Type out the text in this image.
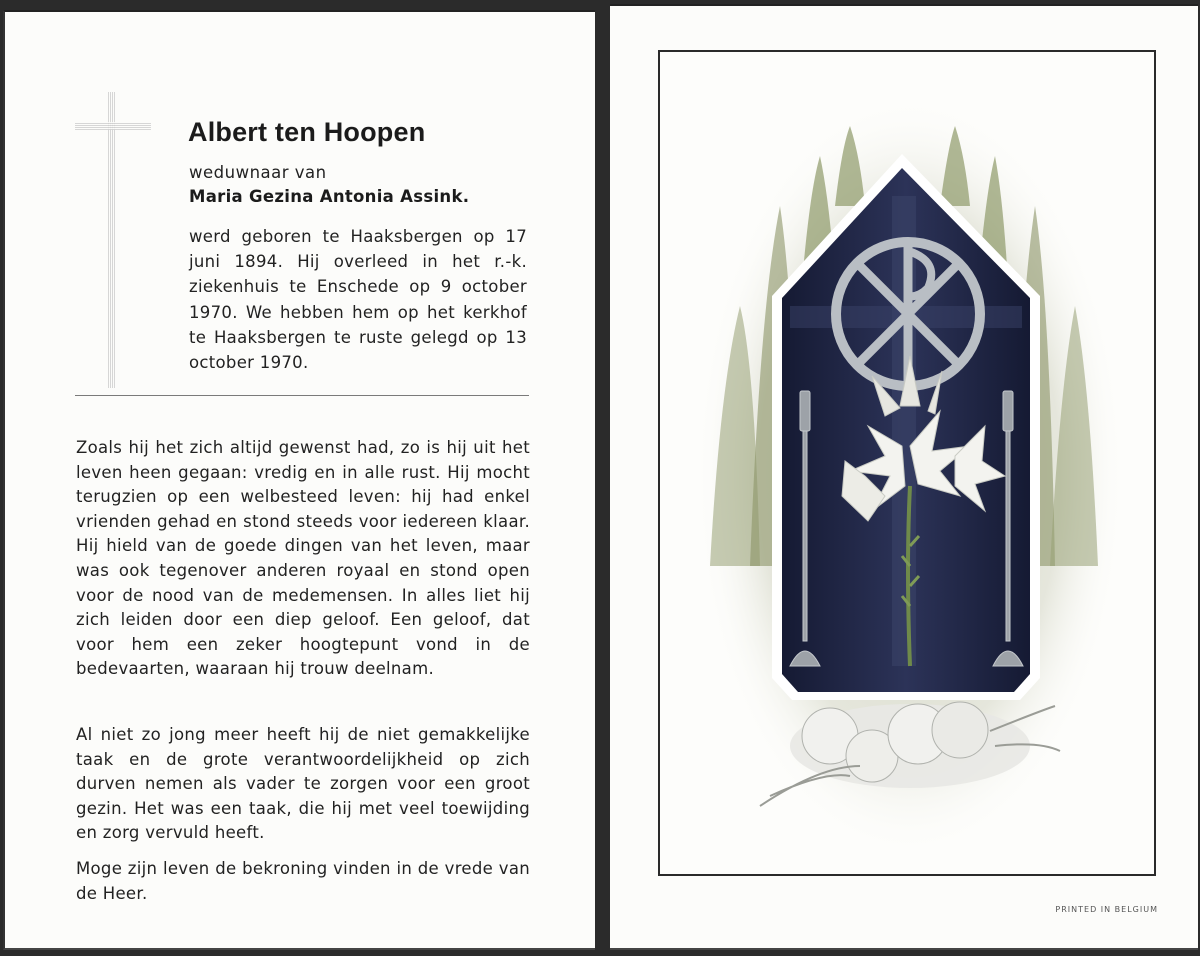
Albert ten Hoopen
weduwnaar van
Maria Gezina Antonia Assink.

werd geboren te Haaksbergen op 17 juni 1894. Hij overleed in het r.-k. ziekenhuis te Enschede op 9 october 1970. We hebben hem op het kerkhof te Haaksbergen te ruste gelegd op 13 october 1970.

Zoals hij het zich altijd gewenst had, zo is hij uit het leven heen gegaan: vredig en in alle rust. Hij mocht terugzien op een welbesteed leven: hij had enkel vrienden gehad en stond steeds voor iedereen klaar. Hij hield van de goede dingen van het leven, maar was ook tegenover anderen royaal en stond open voor de nood van de medemensen. In alles liet hij zich leiden door een diep geloof. Een geloof, dat voor hem een zeker hoogtepunt vond in de bedevaarten, waaraan hij trouw deelnam.

Al niet zo jong meer heeft hij de niet gemakkelijke taak en de grote verantwoordelijkheid op zich durven nemen als vader te zorgen voor een groot gezin. Het was een taak, die hij met veel toewijding en zorg vervuld heeft.

Moge zijn leven de bekroning vinden in de vrede van de Heer.

PRINTED IN BELGIUM
